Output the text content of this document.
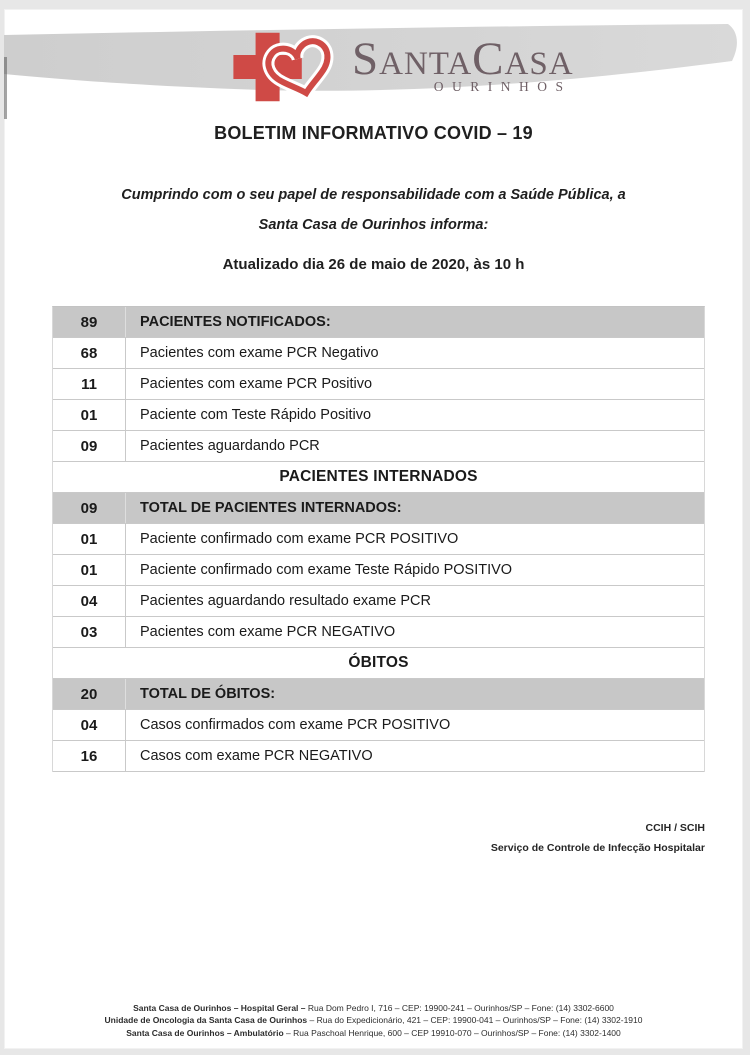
SantaCasa
OURINHOS
BOLETIM INFORMATIVO COVID – 19
Cumprindo com o seu papel de responsabilidade com a Saúde Pública, a
Santa Casa de Ourinhos informa:
Atualizado dia 26 de maio de 2020, às 10 h
89	PACIENTES NOTIFICADOS:
68	Pacientes com exame PCR Negativo
11	Pacientes com exame PCR Positivo
01	Paciente com Teste Rápido Positivo
09	Pacientes aguardando PCR
PACIENTES INTERNADOS
09	TOTAL DE PACIENTES INTERNADOS:
01	Paciente confirmado com exame PCR POSITIVO
01	Paciente confirmado com exame Teste Rápido POSITIVO
04	Pacientes aguardando resultado exame PCR
03	Pacientes com exame PCR NEGATIVO
ÓBITOS
20	TOTAL DE ÓBITOS:
04	Casos confirmados com exame PCR POSITIVO
16	Casos com exame PCR NEGATIVO
CCIH / SCIH
Serviço de Controle de Infecção Hospitalar
Santa Casa de Ourinhos – Hospital Geral – Rua Dom Pedro I, 716 – CEP: 19900-241 – Ourinhos/SP – Fone: (14) 3302-6600
Unidade de Oncologia da Santa Casa de Ourinhos – Rua do Expedicionário, 421 – CEP: 19900-041 – Ourinhos/SP – Fone: (14) 3302-1910
Santa Casa de Ourinhos – Ambulatório – Rua Paschoal Henrique, 600 – CEP 19910-070 – Ourinhos/SP – Fone: (14) 3302-1400
